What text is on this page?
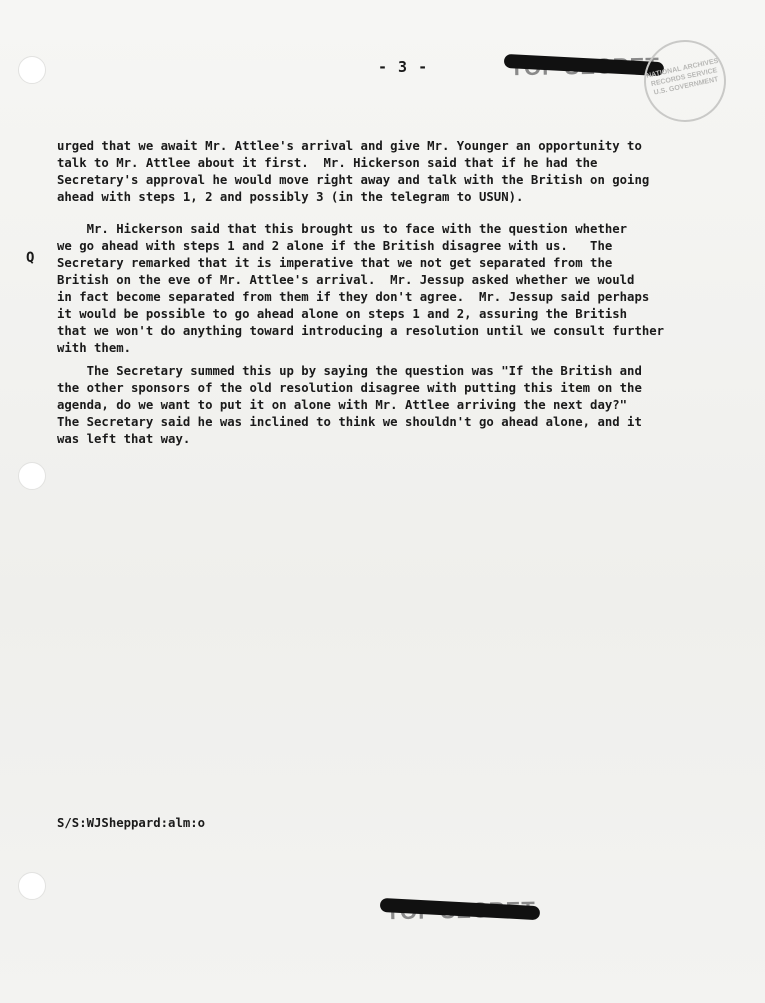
- 3 -	NATIONAL ARCHIVES RECORDS SERVICE U.S. GOVERNMENT

urged that we await Mr. Attlee's arrival and give Mr. Younger an opportunity to
talk to Mr. Attlee about it first.  Mr. Hickerson said that if he had the
Secretary's approval he would move right away and talk with the British on going
ahead with steps 1, 2 and possibly 3 (in the telegram to USUN).

Q

Mr. Hickerson said that this brought us to face with the question whether
we go ahead with steps 1 and 2 alone if the British disagree with us.   The
Secretary remarked that it is imperative that we not get separated from the
British on the eve of Mr. Attlee's arrival.  Mr. Jessup asked whether we would
in fact become separated from them if they don't agree.  Mr. Jessup said perhaps
it would be possible to go ahead alone on steps 1 and 2, assuring the British
that we won't do anything toward introducing a resolution until we consult further
with them.

The Secretary summed this up by saying the question was "If the British and
the other sponsors of the old resolution disagree with putting this item on the
agenda, do we want to put it on alone with Mr. Attlee arriving the next day?"
The Secretary said he was inclined to think we shouldn't go ahead alone, and it
was left that way.

S/S:WJSheppard:alm:o
